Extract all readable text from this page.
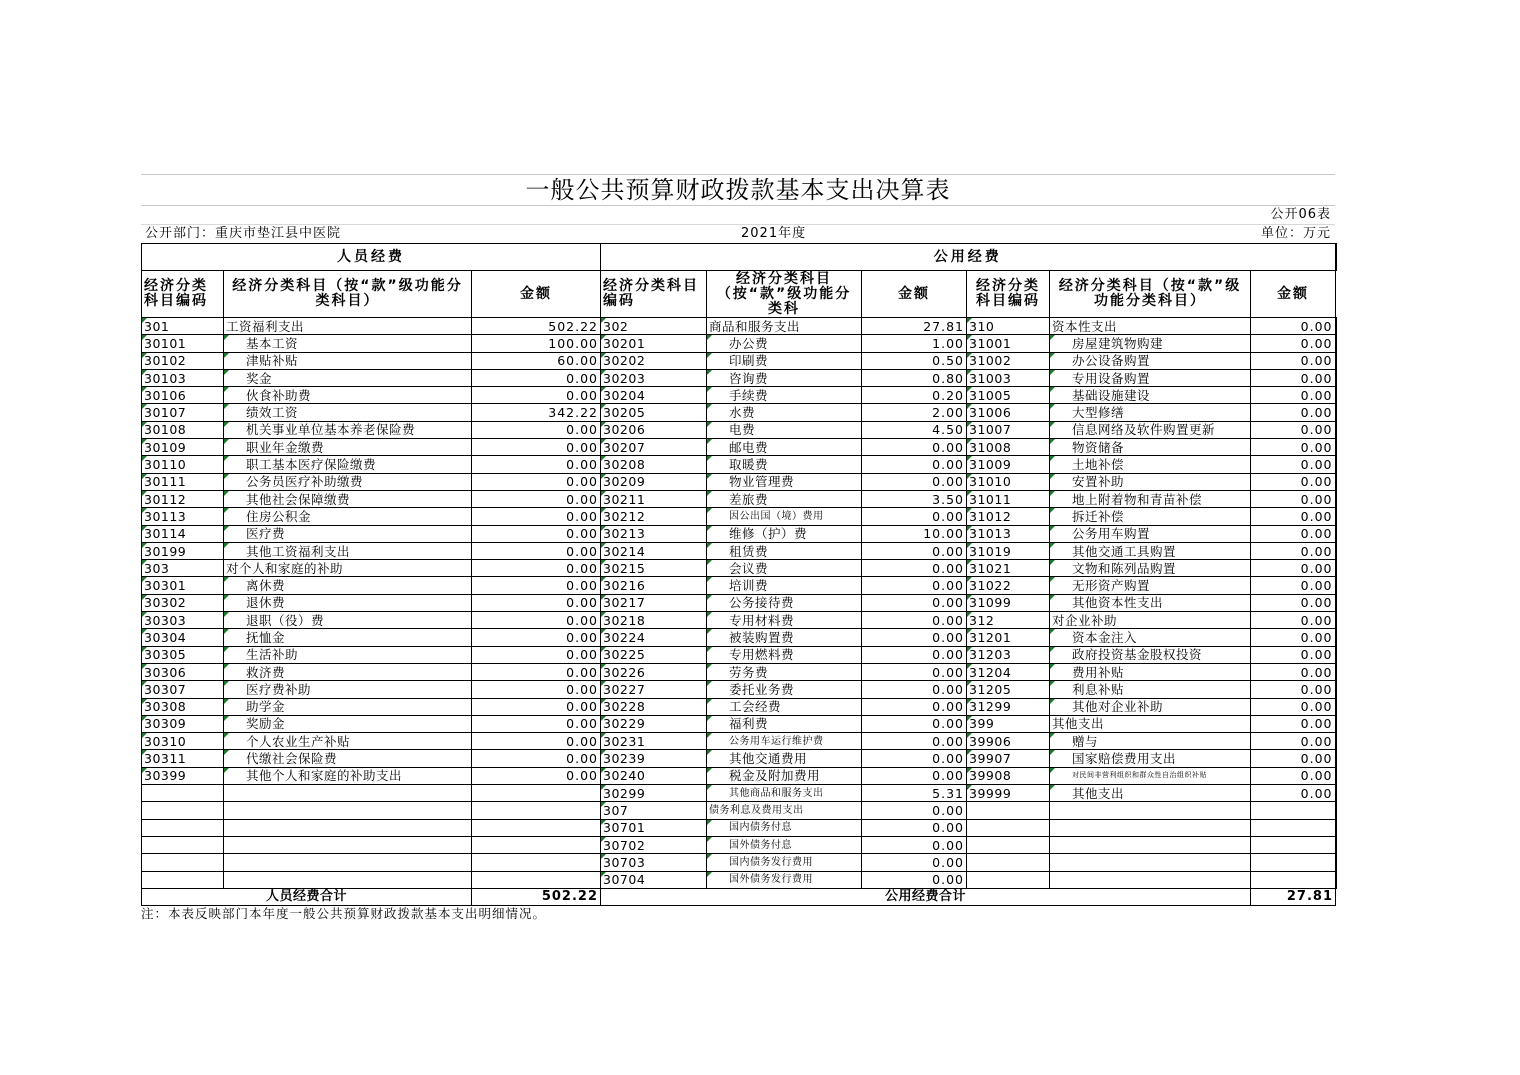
一般公共预算财政拨款基本支出决算表
公开06表
公开部门：重庆市垫江县中医院	2021年度	单位：万元
人员经费			公用经费					
经济分类科目编码	经济分类科目（按“款”级功能分类科目）	金额	经济分类科目编码	经济分类科目（按“款”级功能分类科	金额	经济分类科目编码	经济分类科目（按“款”级功能分类科目）	金额
301	工资福利支出	502.22	302	商品和服务支出	27.81	310	资本性支出	0.00
30101	基本工资	100.00	30201	办公费	1.00	31001	房屋建筑物购建	0.00
30102	津贴补贴	60.00	30202	印刷费	0.50	31002	办公设备购置	0.00
30103	奖金	0.00	30203	咨询费	0.80	31003	专用设备购置	0.00
30106	伙食补助费	0.00	30204	手续费	0.20	31005	基础设施建设	0.00
30107	绩效工资	342.22	30205	水费	2.00	31006	大型修缮	0.00
30108	机关事业单位基本养老保险费	0.00	30206	电费	4.50	31007	信息网络及软件购置更新	0.00
30109	职业年金缴费	0.00	30207	邮电费	0.00	31008	物资储备	0.00
30110	职工基本医疗保险缴费	0.00	30208	取暖费	0.00	31009	土地补偿	0.00
30111	公务员医疗补助缴费	0.00	30209	物业管理费	0.00	31010	安置补助	0.00
30112	其他社会保障缴费	0.00	30211	差旅费	3.50	31011	地上附着物和青苗补偿	0.00
30113	住房公积金	0.00	30212	因公出国（境）费用	0.00	31012	拆迁补偿	0.00
30114	医疗费	0.00	30213	维修（护）费	10.00	31013	公务用车购置	0.00
30199	其他工资福利支出	0.00	30214	租赁费	0.00	31019	其他交通工具购置	0.00
303	对个人和家庭的补助	0.00	30215	会议费	0.00	31021	文物和陈列品购置	0.00
30301	离休费	0.00	30216	培训费	0.00	31022	无形资产购置	0.00
30302	退休费	0.00	30217	公务接待费	0.00	31099	其他资本性支出	0.00
30303	退职（役）费	0.00	30218	专用材料费	0.00	312	对企业补助	0.00
30304	抚恤金	0.00	30224	被装购置费	0.00	31201	资本金注入	0.00
30305	生活补助	0.00	30225	专用燃料费	0.00	31203	政府投资基金股权投资	0.00
30306	救济费	0.00	30226	劳务费	0.00	31204	费用补贴	0.00
30307	医疗费补助	0.00	30227	委托业务费	0.00	31205	利息补贴	0.00
30308	助学金	0.00	30228	工会经费	0.00	31299	其他对企业补助	0.00
30309	奖励金	0.00	30229	福利费	0.00	399	其他支出	0.00
30310	个人农业生产补贴	0.00	30231	公务用车运行维护费	0.00	39906	赠与	0.00
30311	代缴社会保险费	0.00	30239	其他交通费用	0.00	39907	国家赔偿费用支出	0.00
30399	其他个人和家庭的补助支出	0.00	30240	税金及附加费用	0.00	39908	对民间非营利组织和群众性自治组织补贴	0.00
			30299	其他商品和服务支出	5.31	39999	其他支出	0.00
			307	债务利息及费用支出	0.00			
			30701	国内债务付息	0.00			
			30702	国外债务付息	0.00			
			30703	国内债务发行费用	0.00			
			30704	国外债务发行费用	0.00			
人员经费合计		502.22	公用经费合计					27.81
注：本表反映部门本年度一般公共预算财政拨款基本支出明细情况。
